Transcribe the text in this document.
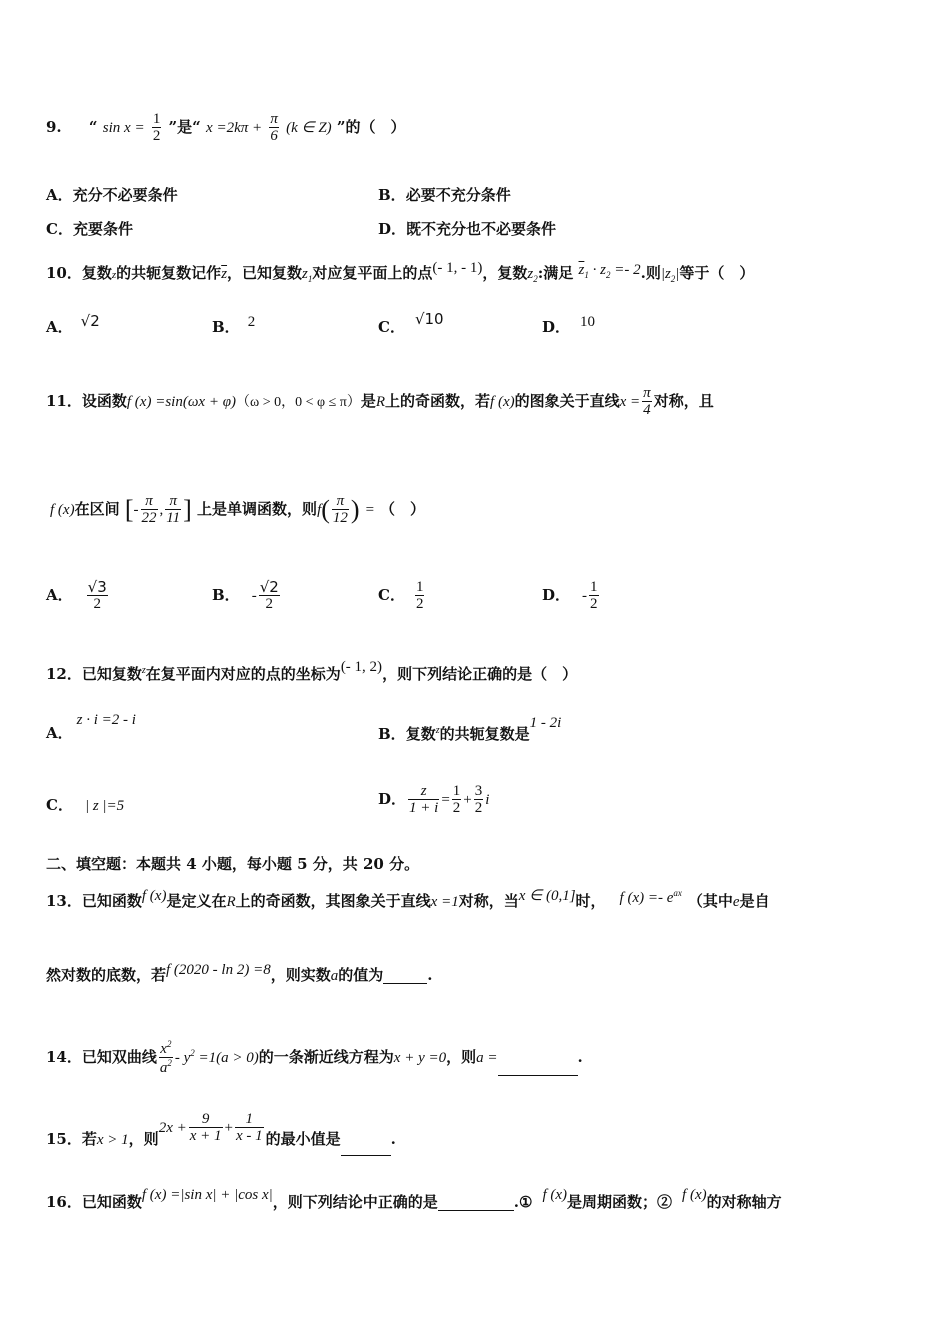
9. “ $\sin x = \frac{1}{2}$ ”是“ $x =2k\pi + \frac{\pi}{6} (k$ ∈ Z) ”的（　）
A．充分不必要条件	B．必要不充分条件
C．充要条件	D．既不充分也不必要条件
10．复数z的共轭复数记作$\overline{z}$，已知复数$z_1$对应复平面上的点(- 1, - 1)，复数$z_2$:满足 $\overline{z}_1 \cdot z_2 =- 2$.则$|z_2|$等于（　）
A． √2	B． 2	C． √10	D． 10
11．设函数f (x) =sin(ωx + φ)（ω > 0，0 < φ ≤ π）是R上的奇函数，若f (x)的图象关于直线$x = \frac{\pi}{4}$ 对称，且
f (x)在区间 [- $\frac{\pi}{22}$ , $\frac{\pi}{11}$ ] 上是单调函数，则$f( \frac{\pi}{12}$ ) = （　）
A． $\frac{√3}{2}$	B． - $\frac{√2}{2}$	C． $\frac{1}{2}$	D． - $\frac{1}{2}$
12．已知复数$^z$在复平面内对应的点的坐标为(- 1, 2)，则下列结论正确的是（　）
A．z · i =2 - i
B．复数$^z$的共轭复数是1 - 2i
C． | z |=5	D． $\frac{z}{1 + i} = \frac{1}{2} + \frac{3}{2}$ i
二、填空题：本题共 4 小题，每小题 5 分，共 20 分。
13．已知函数f (x)是定义在R上的奇函数，其图象关于直线x =1对称，当x ∈ (0,1]时， f $(x) =- e^{ax}$ （其中e是自
然对数的底数，若f (2020 - ln 2) =8，则实数a的值为	.
14．已知双曲线 $\frac{x^2}{a^2} - y^2 =1(a > 0)$的一条渐近线方程为x + y =0，则a =	.
15．若x > 1，则$2x + \frac{9}{x + 1} + \frac{1}{x - 1}$ 的最小值是	.
16．已知函数f (x) =|sin x| + |cos x|，则下列结论中正确的是	.① f (x)是周期函数；② f (x)的对称轴方
